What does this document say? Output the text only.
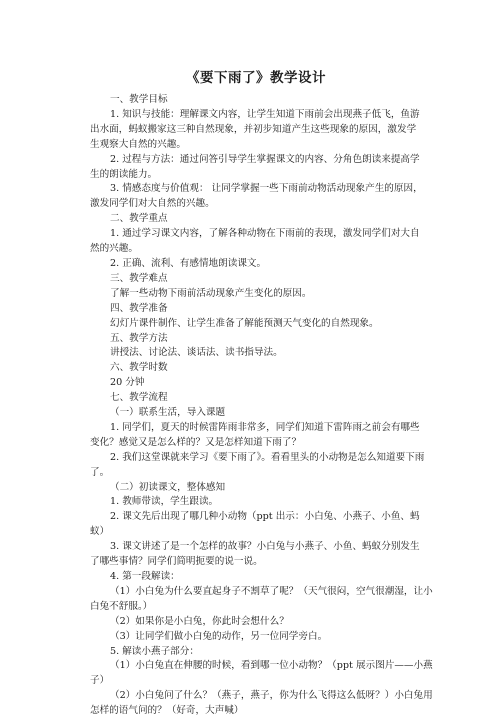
《要下雨了》教学设计
一、教学目标
1. 知识与技能：理解课文内容，让学生知道下雨前会出现燕子低飞，鱼游
出水面，蚂蚁搬家这三种自然现象，并初步知道产生这些现象的原因，激发学
生观察大自然的兴趣。
2. 过程与方法：通过问答引导学生掌握课文的内容、分角色朗读来提高学
生的朗读能力。
3. 情感态度与价值观： 让同学掌握一些下雨前动物活动现象产生的原因，
激发同学们对大自然的兴趣。
二、教学重点
1. 通过学习课文内容，了解各种动物在下雨前的表现，激发同学们对大自
然的兴趣。
2. 正确、流利、有感情地朗读课文。
三、教学难点
了解一些动物下雨前活动现象产生变化的原因。
四、教学准备
幻灯片课件制作、让学生准备了解能预测天气变化的自然现象。
五、教学方法
讲授法、讨论法、谈话法、读书指导法。
六、教学时数
20 分钟
七、教学流程
（一）联系生活，导入课题
1. 同学们，夏天的时候雷阵雨非常多，同学们知道下雷阵雨之前会有哪些
变化？感觉又是怎么样的？又是怎样知道下雨了？
2. 我们这堂课就来学习《要下雨了》。看看里头的小动物是怎么知道要下雨
了。
（二）初读课文，整体感知
1. 教师带读，学生跟读。
2. 课文先后出现了哪几种小动物（ppt 出示：小白兔、小燕子、小鱼、蚂
蚁）
3. 课文讲述了是一个怎样的故事？小白兔与小燕子、小鱼、蚂蚁分别发生
了哪些事情？同学们简明扼要的说一说。
4. 第一段解读：
（1）小白兔为什么要直起身子不割草了呢？（天气很闷，空气很潮湿，让小
白兔不舒服。）
（2）如果你是小白兔，你此时会想什么？
（3）让同学们做小白兔的动作，另一位同学旁白。
5. 解读小燕子部分：
（1）小白兔直在伸腰的时候，看到哪一位小动物？（ppt 展示图片——小燕
子）
（2）小白兔问了什么？（燕子，燕子，你为什么飞得这么低呀？）小白兔用
怎样的语气问的？（好奇，大声喊）
